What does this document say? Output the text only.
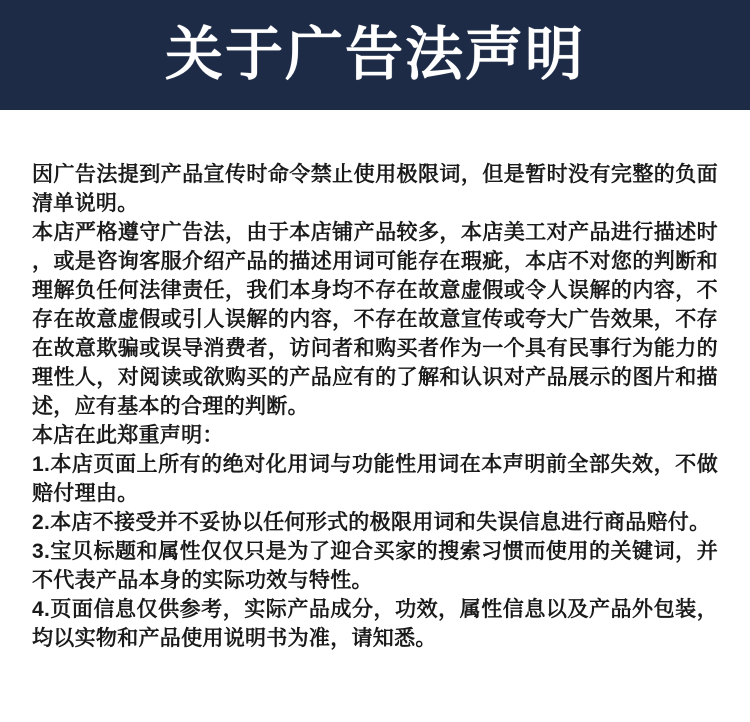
关于广告法声明
因广告法提到产品宣传时命令禁止使用极限词，但是暂时没有完整的负面
清单说明。
本店严格遵守广告法，由于本店铺产品较多，本店美工对产品进行描述时
，或是咨询客服介绍产品的描述用词可能存在瑕疵，本店不对您的判断和
理解负任何法律责任，我们本身均不存在故意虚假或令人误解的内容，不
存在故意虚假或引人误解的内容，不存在故意宣传或夸大广告效果，不存
在故意欺骗或误导消费者，访问者和购买者作为一个具有民事行为能力的
理性人，对阅读或欲购买的产品应有的了解和认识对产品展示的图片和描
述，应有基本的合理的判断。
本店在此郑重声明：
1.本店页面上所有的绝对化用词与功能性用词在本声明前全部失效，不做
赔付理由。
2.本店不接受并不妥协以任何形式的极限用词和失误信息进行商品赔付。
3.宝贝标题和属性仅仅只是为了迎合买家的搜索习惯而使用的关键词，并
不代表产品本身的实际功效与特性。
4.页面信息仅供参考，实际产品成分，功效，属性信息以及产品外包装，
均以实物和产品使用说明书为准，请知悉。
